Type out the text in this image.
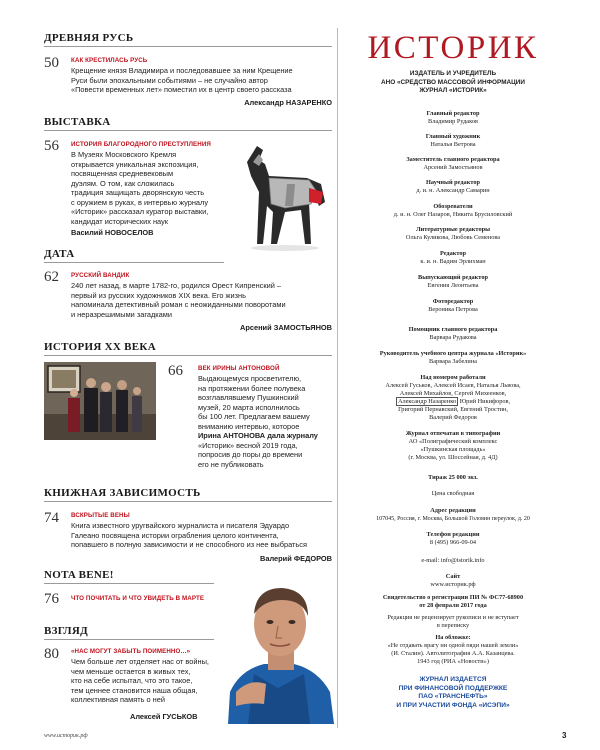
ДРЕВНЯЯ РУСЬ
50 КАК КРЕСТИЛАСЬ РУСЬ
Крещение князя Владимира и последовавшее за ним Крещение
Руси были эпохальными событиями – не случайно автор
«Повести временных лет» поместил их в центр своего рассказа
Александр НАЗАРЕНКО
ВЫСТАВКА
56 ИСТОРИЯ БЛАГОРОДНОГО ПРЕСТУПЛЕНИЯ
В Музеях Московского Кремля
открывается уникальная экспозиция,
посвященная средневековым
дуэлям. О том, как сложилась
традиция защищать дворянскую честь
с оружием в руках, в интервью журналу
«Историк» рассказал куратор выставки,
кандидат исторических наук
Василий НОВОСЕЛОВ
ДАТА
62 РУССКИЙ ВАНДИК
240 лет назад, в марте 1782-го, родился Орест Кипренский –
первый из русских художников XIX века. Его жизнь
напоминала детективный роман с неожиданными поворотами
и неразрешимыми загадками
Арсений ЗАМОСТЬЯНОВ
ИСТОРИЯ XX ВЕКА
66 ВЕК ИРИНЫ АНТОНОВОЙ
Выдающемуся просветителю,
на протяжении более полувека
возглавлявшему Пушкинский
музей, 20 марта исполнилось
бы 100 лет. Предлагаем вашему
вниманию интервью, которое
Ирина АНТОНОВА дала журналу
«Историк» весной 2019 года,
попросив до поры до времени
его не публиковать
КНИЖНАЯ ЗАВИСИМОСТЬ
74 ВСКРЫТЫЕ ВЕНЫ
Книга известного уругвайского журналиста и писателя Эдуардо
Галеано посвящена истории ограбления целого континента,
попавшего в полную зависимости и не способного из нее выбраться
Валерий ФЕДОРОВ
NOTA BENE!
76 ЧТО ПОЧИТАТЬ И ЧТО УВИДЕТЬ В МАРТЕ
ВЗГЛЯД
80 «НАС МОГУТ ЗАБЫТЬ ПОИМЕННО…»
Чем больше лет отделяет нас от войны,
чем меньше остается в живых тех,
кто на себе испытал, что это такое,
тем ценнее становится наша общая,
коллективная память о ней
Алексей ГУСЬКОВ
ИСТОРИК
ИЗДАТЕЛЬ И УЧРЕДИТЕЛЬ
АНО «СРЕДСТВО МАССОВОЙ ИНФОРМАЦИИ
ЖУРНАЛ «ИСТОРИК»
Главный редактор
Владимир Рудаков
Главный художник
Наталья Ветрова
Заместитель главного редактора
Арсений Замостьянов
Научный редактор
д. и. н. Александр Самарин
Обозреватели
д. и. н. Олег Назаров, Никита Брусиловский
Литературные редакторы
Ольга Куликова, Любовь Семенова
Редактор
к. и. н. Вадим Эрлихман
Выпускающий редактор
Евгения Леонтьева
Фоторедактор
Вероника Петрова
Помощник главного редактора
Варвара Рудакова
Руководитель учебного центра журнала «Историк»
Варвара Забелина
Над номером работали
Алексей Гуськов, Алексей Исаев, Наталья Львова,
Алексей Михайлов, Сергей Михеенков,
Александр Назаренко Юрий Никифоров,
Григорий Пернавский, Евгений Тростин,
Валерий Федоров
Журнал отпечатан в типографии
АО «Полиграфический комплекс
«Пушкинская площадь»
(г. Москва, ул. Шоссейная, д. 4Д)
Тираж 25 000 экз.
Цена свободная
Адрес редакции
107045, Россия, г. Москва, Большой Головин переулок, д. 20
Телефон редакции
8 (495) 966-09-04
e-mail: info@istorik.info
Сайт
www.историк.рф
Свидетельство о регистрации ПИ № ФС77-68900
от 28 февраля 2017 года
Редакция не рецензирует рукописи и не вступает
в переписку
На обложке:
«Не отдавать врагу ни одной пяди нашей земли»
(И. Сталин). Автолитография А.А. Казанцева.
1943 год (РИА «Новости»)
ЖУРНАЛ ИЗДАЕТСЯ
ПРИ ФИНАНСОВОЙ ПОДДЕРЖКЕ
ПАО «ТРАНСНЕФТЬ»
И ПРИ УЧАСТИИ ФОНДА «ИСЭПИ»
www.историк.рф	3
